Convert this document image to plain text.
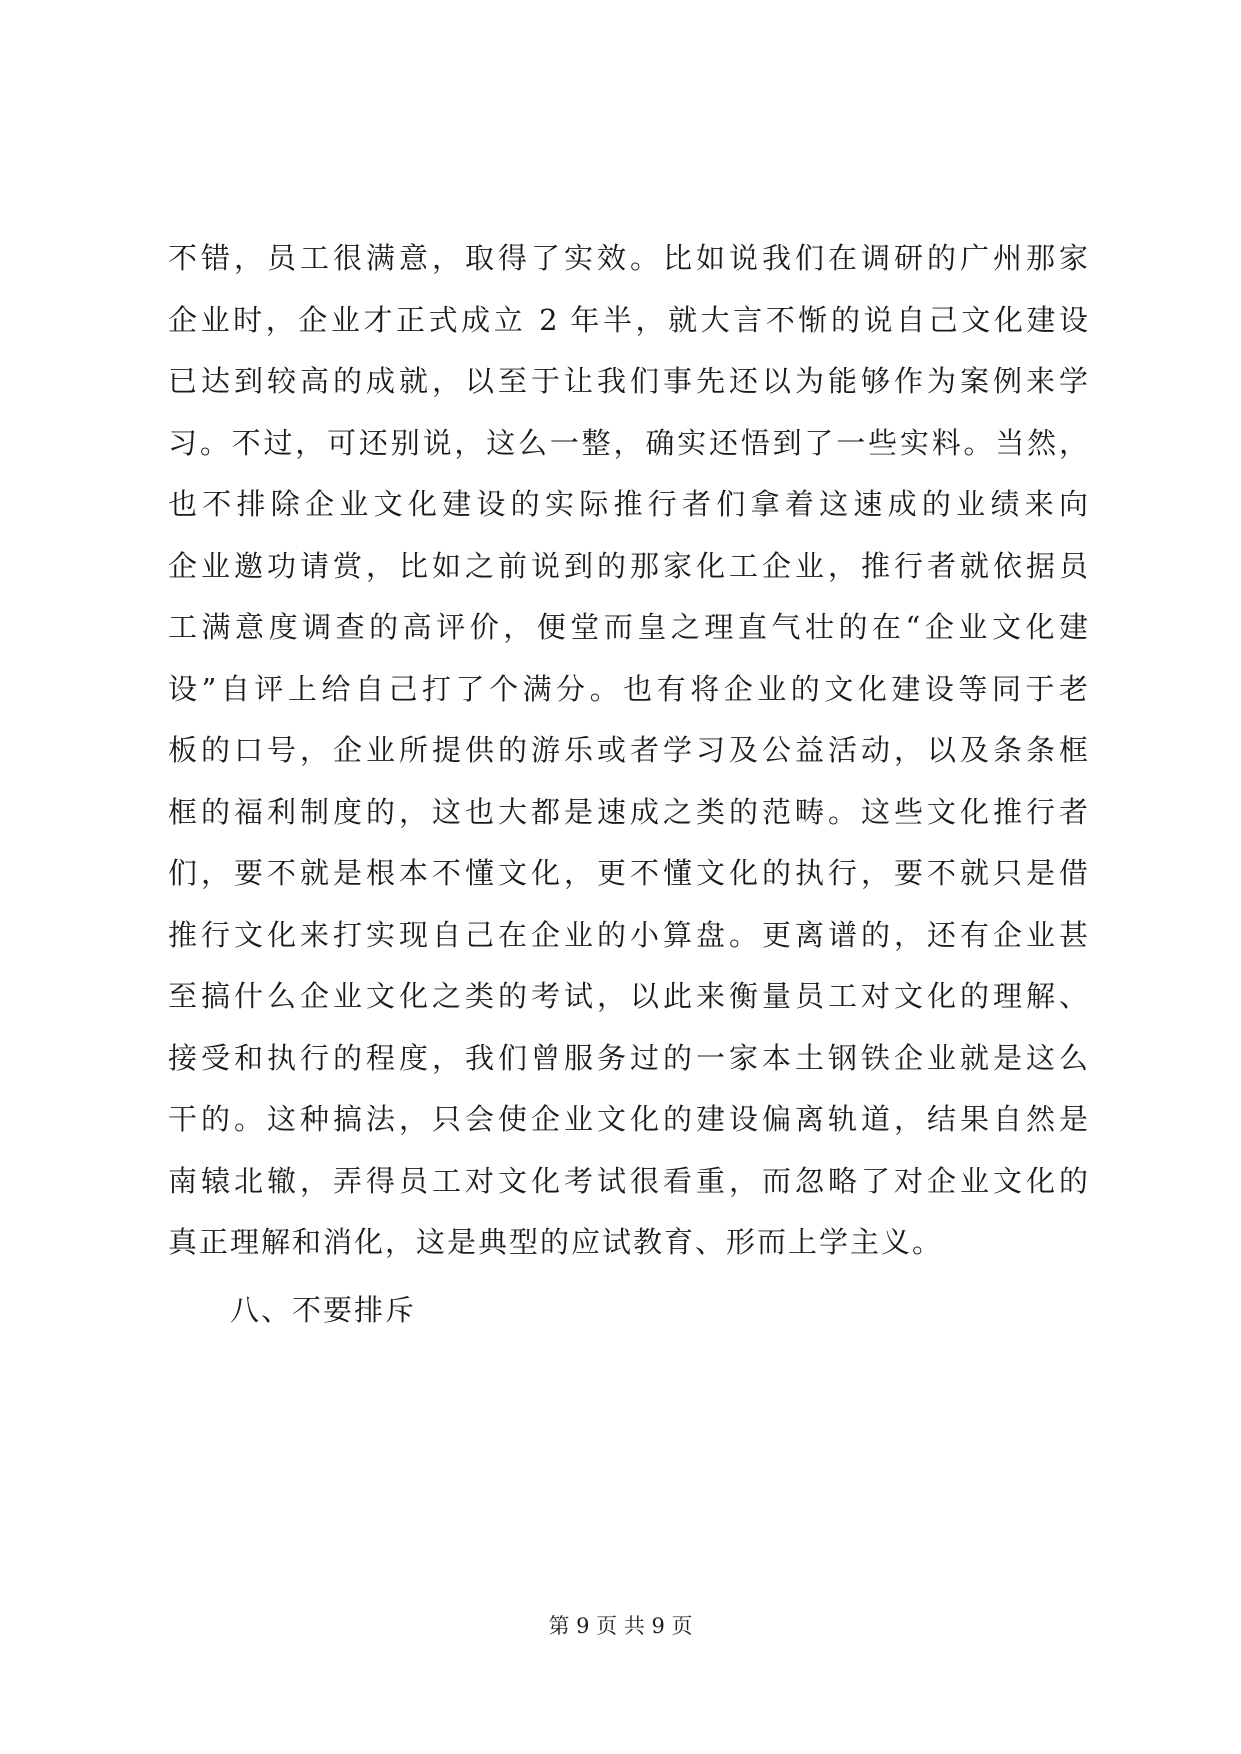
不错，员工很满意，取得了实效。比如说我们在调研的广州那家
企业时，企业才正式成立 2 年半，就大言不惭的说自己文化建设
已达到较高的成就，以至于让我们事先还以为能够作为案例来学
习。不过，可还别说，这么一整，确实还悟到了一些实料。当然，
也不排除企业文化建设的实际推行者们拿着这速成的业绩来向
企业邀功请赏，比如之前说到的那家化工企业，推行者就依据员
工满意度调查的高评价，便堂而皇之理直气壮的在“企业文化建
设”自评上给自己打了个满分。也有将企业的文化建设等同于老
板的口号，企业所提供的游乐或者学习及公益活动，以及条条框
框的福利制度的，这也大都是速成之类的范畴。这些文化推行者
们，要不就是根本不懂文化，更不懂文化的执行，要不就只是借
推行文化来打实现自己在企业的小算盘。更离谱的，还有企业甚
至搞什么企业文化之类的考试，以此来衡量员工对文化的理解、
接受和执行的程度，我们曾服务过的一家本土钢铁企业就是这么
干的。这种搞法，只会使企业文化的建设偏离轨道，结果自然是
南辕北辙，弄得员工对文化考试很看重，而忽略了对企业文化的
真正理解和消化，这是典型的应试教育、形而上学主义。
八、不要排斥
第 9 页 共 9 页
